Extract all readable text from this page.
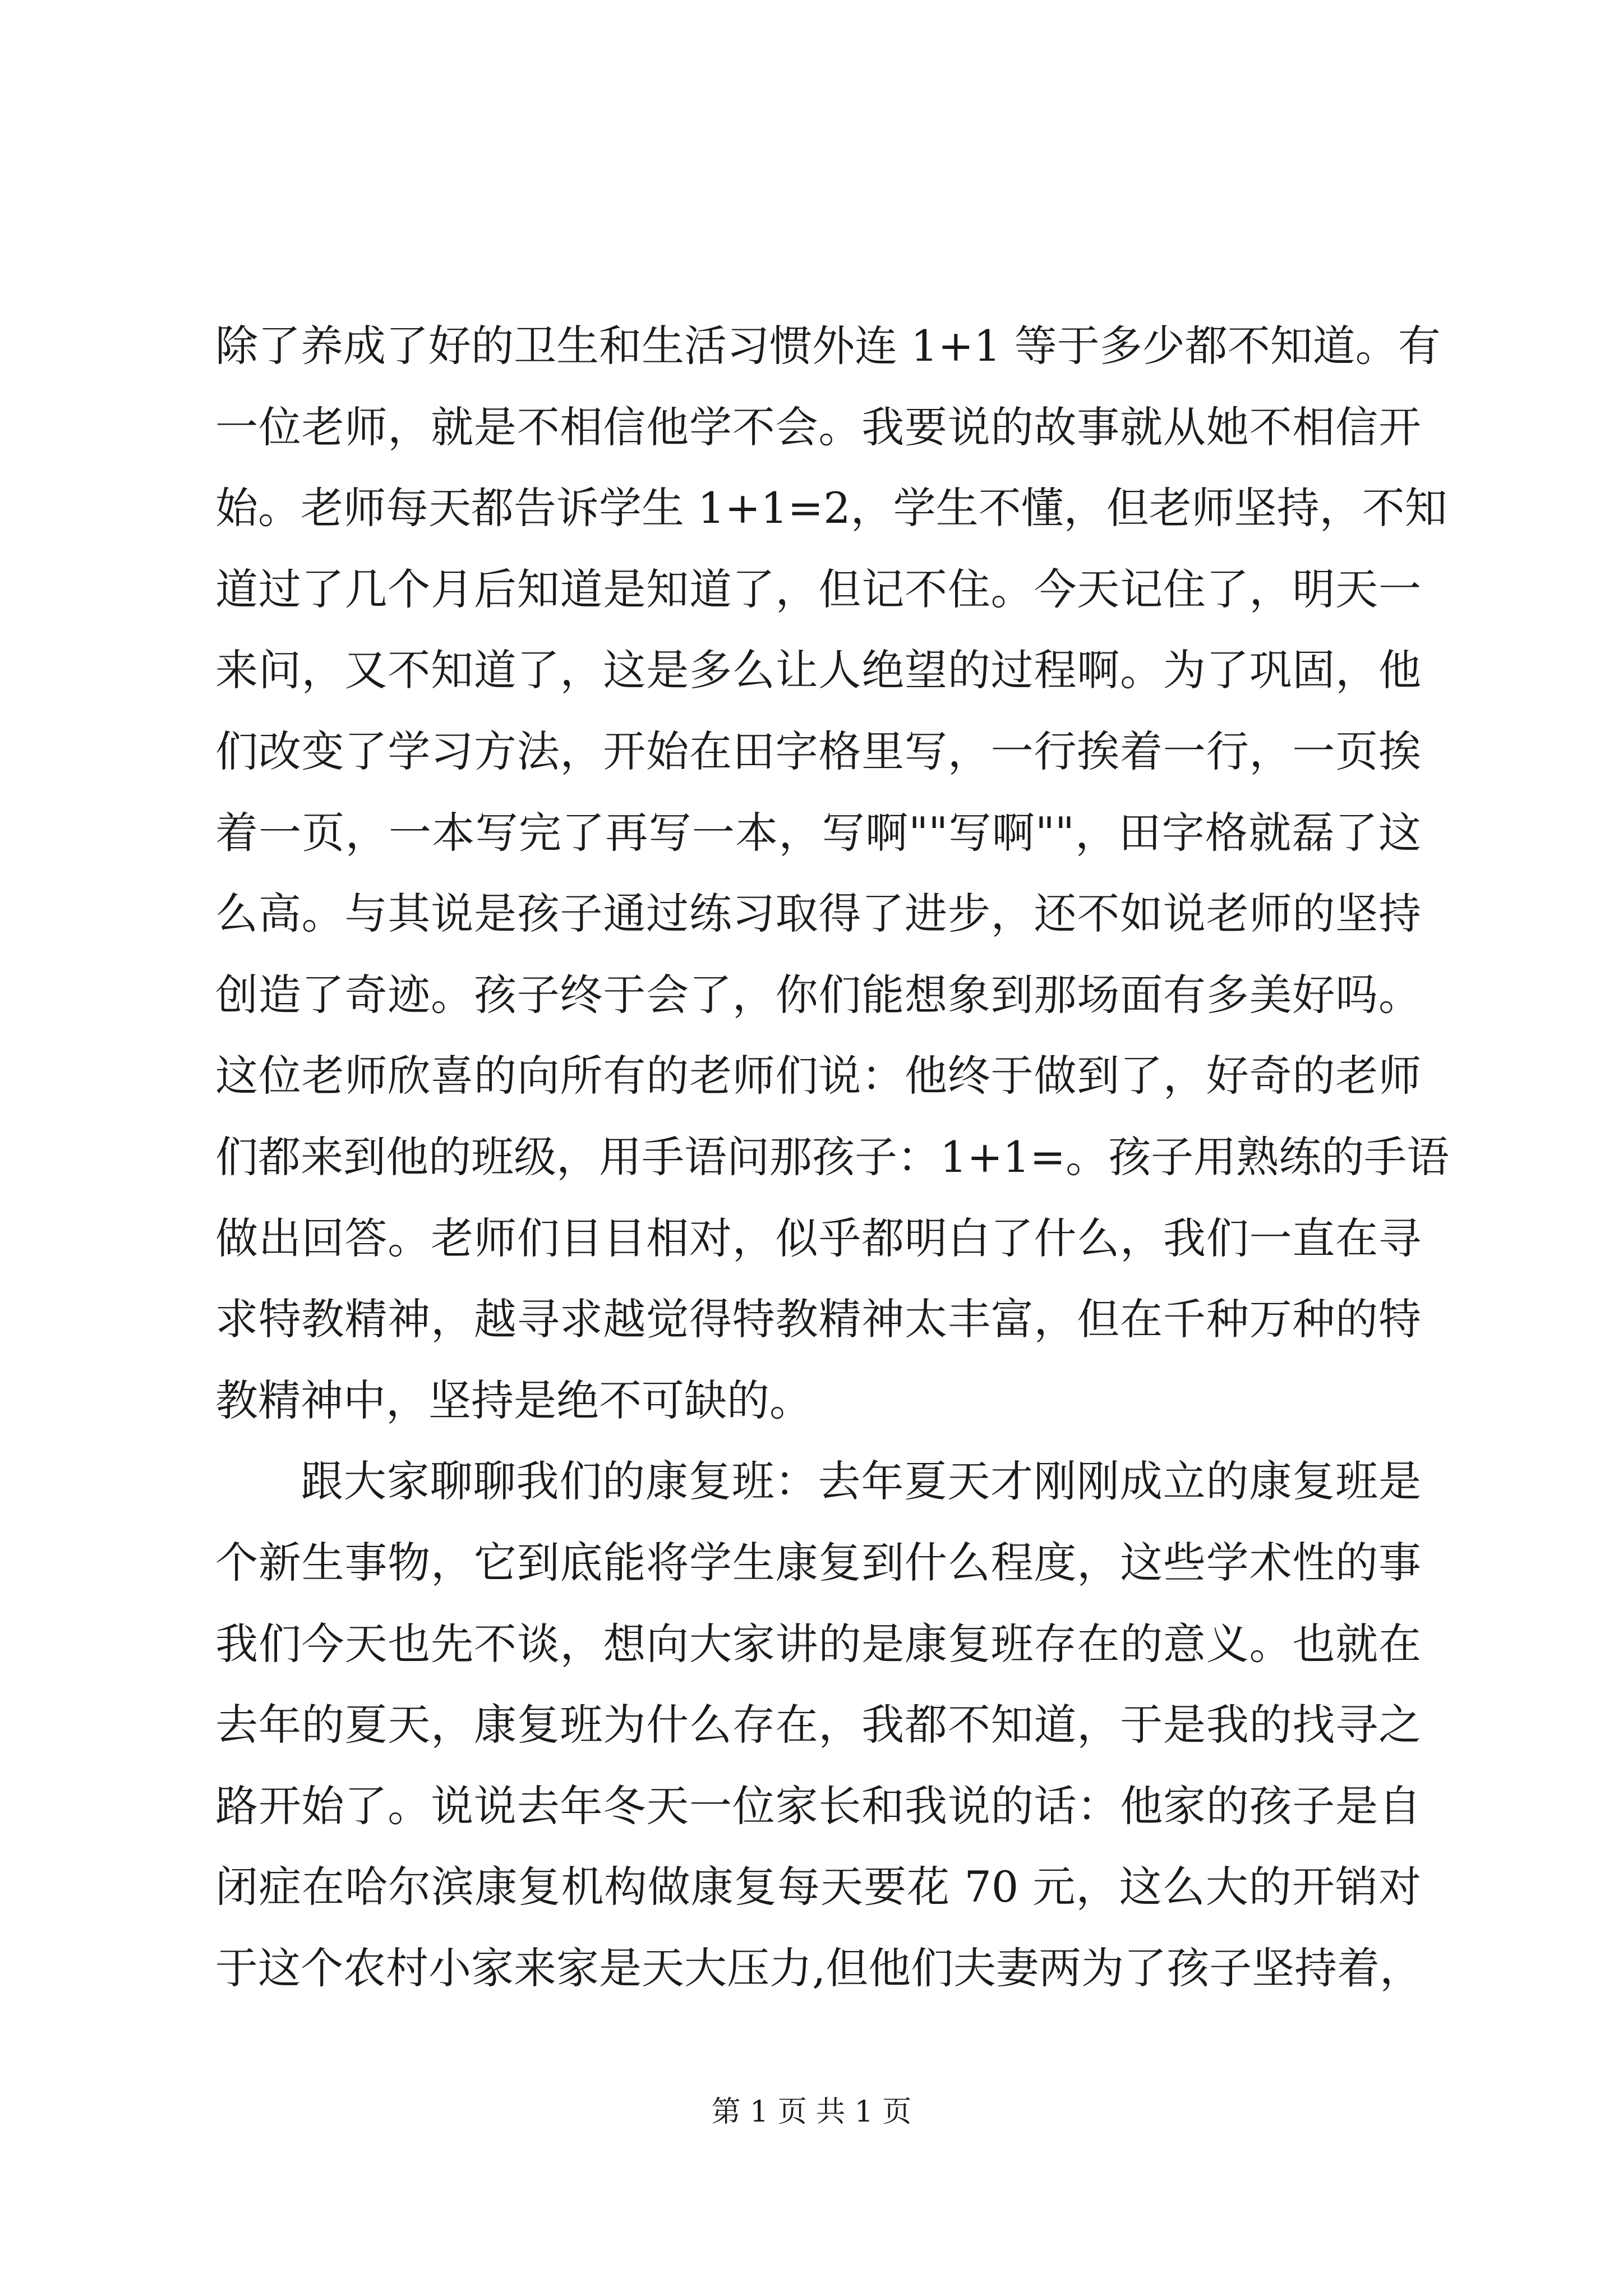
除了养成了好的卫生和生活习惯外连 1+1 等于多少都不知道。有
一位老师，就是不相信他学不会。我要说的故事就从她不相信开
始。老师每天都告诉学生 1+1=2，学生不懂，但老师坚持，不知
道过了几个月后知道是知道了，但记不住。今天记住了，明天一
来问，又不知道了，这是多么让人绝望的过程啊。为了巩固，他
们改变了学习方法，开始在田字格里写，一行挨着一行，一页挨
着一页，一本写完了再写一本，写啊""写啊""，田字格就磊了这
么高。与其说是孩子通过练习取得了进步，还不如说老师的坚持
创造了奇迹。孩子终于会了，你们能想象到那场面有多美好吗。
这位老师欣喜的向所有的老师们说：他终于做到了，好奇的老师
们都来到他的班级，用手语问那孩子：1+1=。孩子用熟练的手语
做出回答。老师们目目相对，似乎都明白了什么，我们一直在寻
求特教精神，越寻求越觉得特教精神太丰富，但在千种万种的特
教精神中，坚持是绝不可缺的。
跟大家聊聊我们的康复班：去年夏天才刚刚成立的康复班是
个新生事物，它到底能将学生康复到什么程度，这些学术性的事
我们今天也先不谈，想向大家讲的是康复班存在的意义。也就在
去年的夏天，康复班为什么存在，我都不知道，于是我的找寻之
路开始了。说说去年冬天一位家长和我说的话：他家的孩子是自
闭症在哈尔滨康复机构做康复每天要花 70 元，这么大的开销对
于这个农村小家来家是天大压力,但他们夫妻两为了孩子坚持着，
第 1 页 共 1 页
